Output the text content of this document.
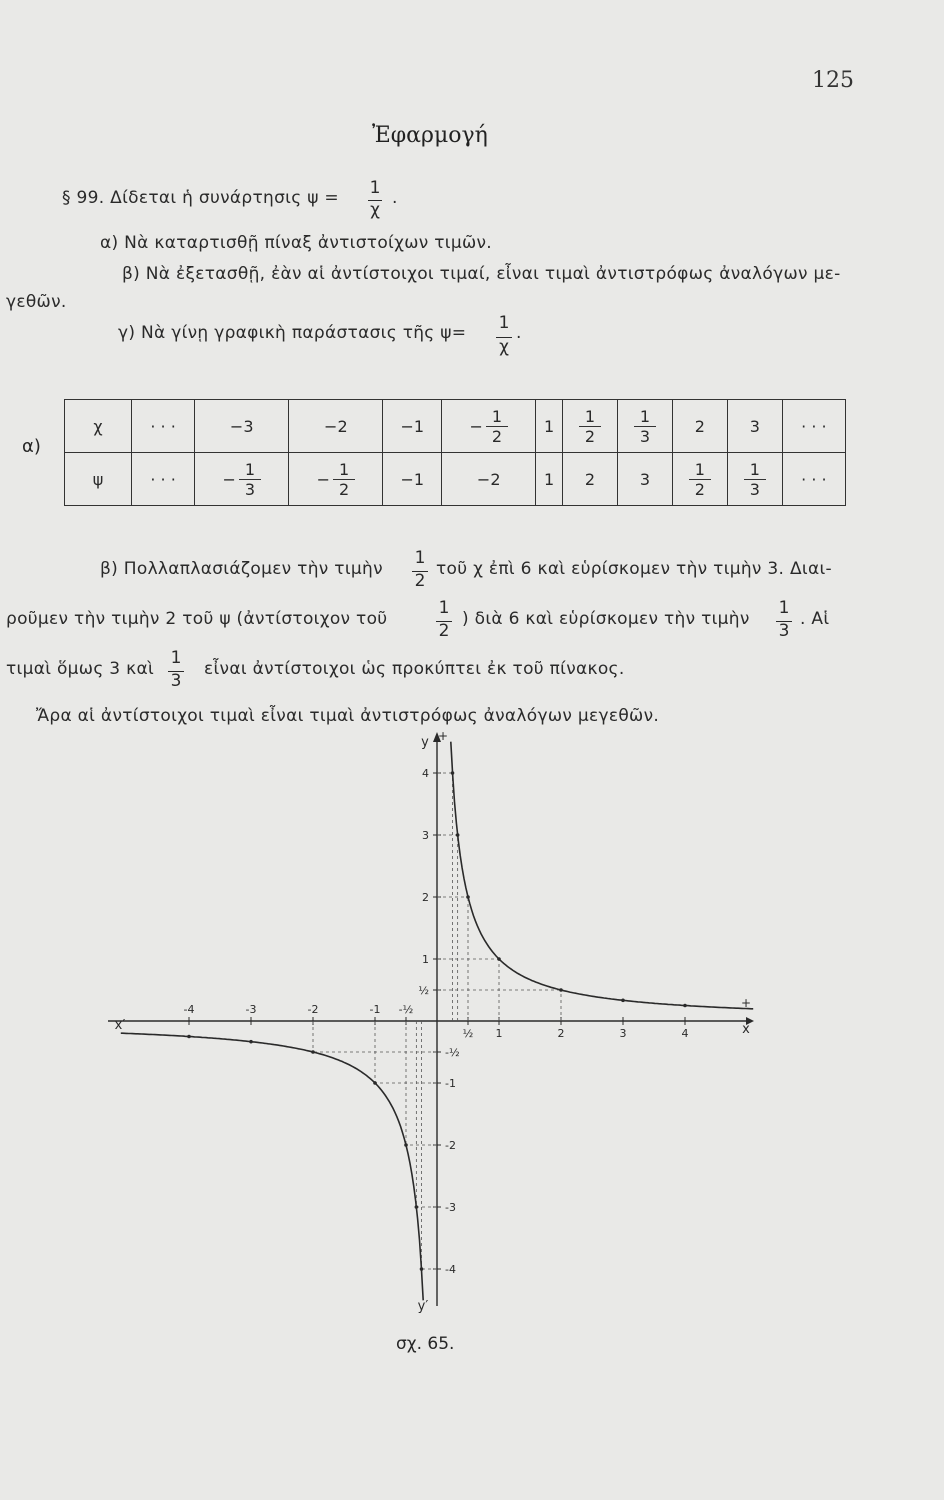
125
Ἐφαρμογή
§ 99. Δίδεται ἡ συνάρτησις ψ = 1
χ
.
α) Νὰ καταρτισθῇ πίναξ ἀντιστοίχων τιμῶν.
β) Νὰ ἐξετασθῇ, ἐὰν αἱ ἀντίστοιχοι τιμαί, εἶναι τιμαὶ ἀντιστρόφως ἀναλόγων με-
γεθῶν.
γ) Νὰ γίνῃ γραφικὴ παράστασις τῆς ψ= 1
χ
.
α)
χ	· · ·	−3	−2	−1	− $\frac{1}{2}$	1	$\frac{1}{2}$	$\frac{1}{3}$	2	3	· · ·
ψ	· · ·	− $\frac{1}{3}$	− $\frac{1}{2}$	−1	−2	1	2	3	$\frac{1}{2}$	$\frac{1}{3}$	· · ·
β) Πολλαπλασιάζομεν τὴν τιμὴν
1
2
τοῦ χ ἐπὶ 6 καὶ εὑρίσκομεν τὴν τιμὴν 3. Διαι-
ροῦμεν τὴν τιμὴν 2 τοῦ ψ (ἀντίστοιχον τοῦ
1
2
) διὰ 6 καὶ εὑρίσκομεν τὴν τιμὴν
1
3
. Αἱ
τιμαὶ ὅμως 3 καὶ
1
3
εἶναι ἀντίστοιχοι ὡς προκύπτει ἐκ τοῦ πίνακος.
Ἄρα αἱ ἀντίστοιχοι τιμαὶ εἶναι τιμαὶ ἀντιστρόφως ἀναλόγων μεγεθῶν.
+
x
x′
y +
y′
-4	-3	-2	-1 -½
½ 1	2	3	4
4
3
2
1
½
-½
-1
-2
-3
-4
σχ. 65.
